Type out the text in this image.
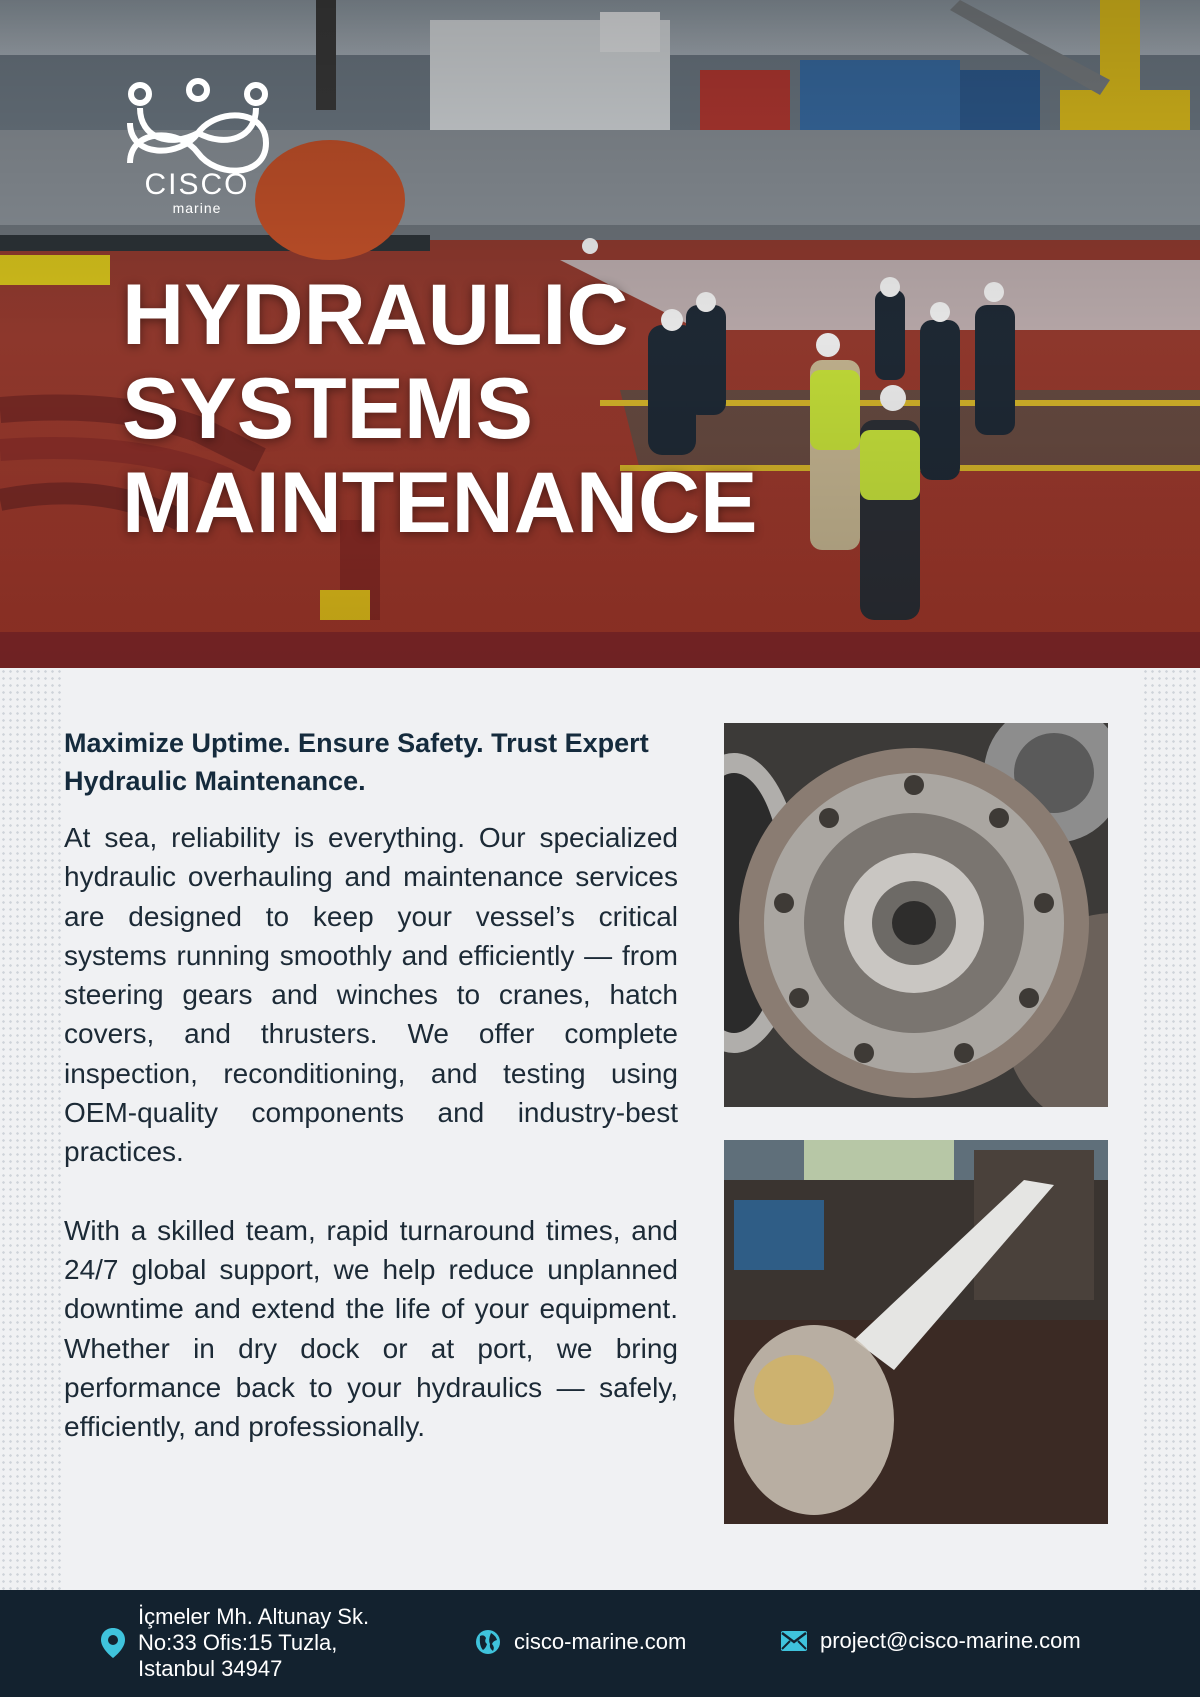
CISCO
marine
HYDRAULIC
SYSTEMS
MAINTENANCE
Maximize Uptime. Ensure Safety. Trust Expert Hydraulic Maintenance.

At sea, reliability is everything. Our specialized hydraulic overhauling and maintenance services are designed to keep your vessel’s critical systems running smoothly and efficiently — from steering gears and winches to cranes, hatch covers, and thrusters. We offer complete inspection, reconditioning, and testing using OEM-quality components and industry-best practices.

With a skilled team, rapid turnaround times, and 24/7 global support, we help reduce unplanned downtime and extend the life of your equipment. Whether in dry dock or at port, we bring performance back to your hydraulics — safely, efficiently, and professionally.

İçmeler Mh. Altunay Sk.
No:33 Ofis:15 Tuzla,
Istanbul 34947
cisco-marine.com	project@cisco-marine.com
